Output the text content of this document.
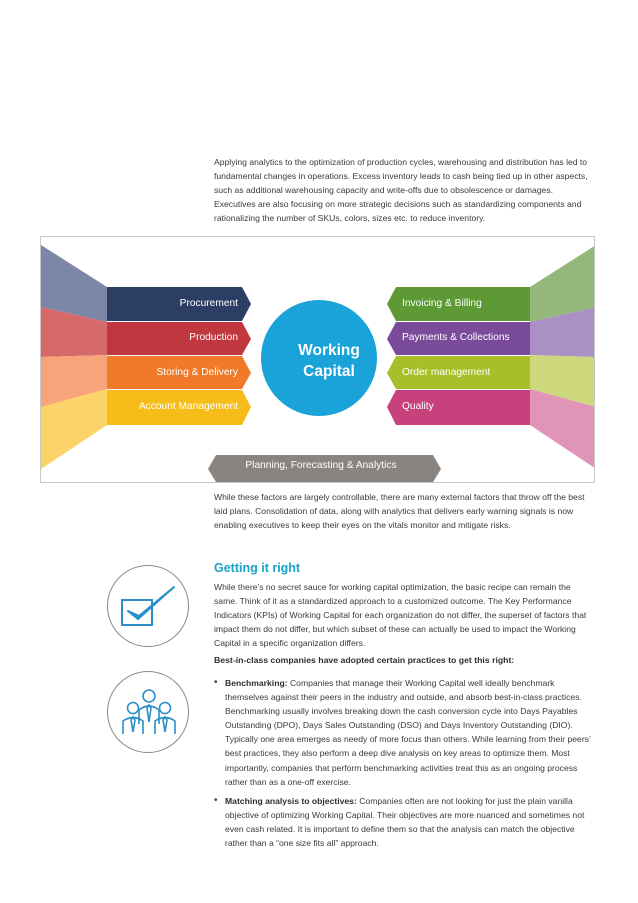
Applying analytics to the optimization of production cycles, warehousing and distribution has led to fundamental changes in operations. Excess inventory leads to cash being tied up in other aspects, such as additional warehousing capacity and write-offs due to obsolescence or damages. Executives are also focusing on more strategic decisions such as standardizing components and rationalizing the number of SKUs, colors, sizes etc. to reduce inventory.

Procurement
Production
Storing & Delivery
Account Management
Invoicing & Billing
Payments & Collections
Order management
Quality
Working
Capital
Planning, Forecasting & Analytics

While these factors are largely controllable, there are many external factors that throw off the best laid plans. Consolidation of data, along with analytics that delivers early warning signals is now enabling executives to keep their eyes on the vitals monitor and mitigate risks.

Getting it right

While there’s no secret sauce for working capital optimization, the basic recipe can remain the same. Think of it as a standardized approach to a customized outcome. The Key Performance Indicators (KPIs) of Working Capital for each organization do not differ, the superset of factors that impact them do not differ, but which subset of these can actually be used to impact the Working Capital in a specific organization differs.

Best-in-class companies have adopted certain practices to get this right:
• Benchmarking: Companies that manage their Working Capital well ideally benchmark themselves against their peers in the industry and outside, and absorb best-in-class practices. Benchmarking usually involves breaking down the cash conversion cycle into Days Payables Outstanding (DPO), Days Sales Outstanding (DSO) and Days Inventory Outstanding (DIO). Typically one area emerges as needy of more focus than others. While learning from their peers’ best practices, they also perform a deep dive analysis on key areas to optimize them. Most importantly, companies that perform benchmarking activities treat this as an ongoing process rather than as a one-off exercise.
• Matching analysis to objectives: Companies often are not looking for just the plain vanilla objective of optimizing Working Capital. Their objectives are more nuanced and sometimes not even cash related. It is important to define them so that the analysis can match the objective rather than a “one size fits all” approach.
